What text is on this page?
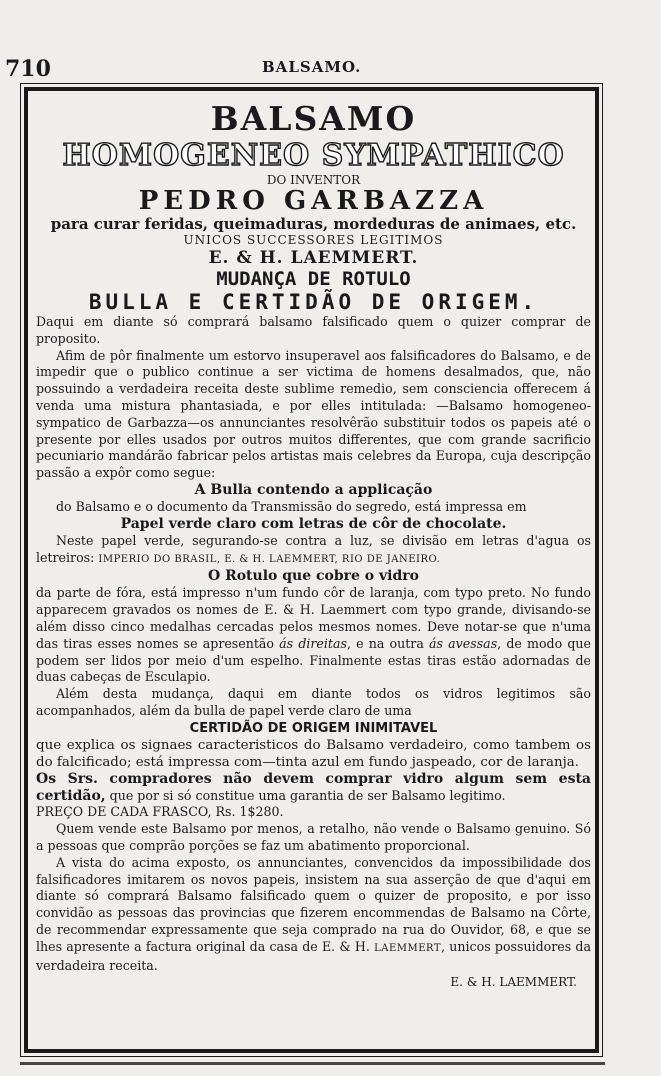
710	BALSAMO.

BALSAMO

HOMOGENEO SYMPATHICO

DO INVENTOR

PEDRO GARBAZZA

para curar feridas, queimaduras, mordeduras de animaes, etc.

UNICOS SUCCESSORES LEGITIMOS

E. & H. LAEMMERT.

MUDANÇA DE ROTULO

BULLA E CERTIDÃO DE ORIGEM.

Daqui em diante só comprará balsamo falsificado quem o quizer comprar de proposito.

Afim de pôr finalmente um estorvo insuperavel aos falsificadores do Balsamo, e de impedir que o publico continue a ser victima de homens desalmados, que, não possuindo a verdadeira receita deste sublime remedio, sem consciencia offerecem á venda uma mistura phantasiada, e por elles intitulada: —Balsamo homogeneo-sympatico de Garbazza—os annunciantes resolvêrão substituir todos os papeis até o presente por elles usados por outros muitos differentes, que com grande sacrificio pecuniario mandárão fabricar pelos artistas mais celebres da Europa, cuja descripção passão a expôr como segue:

A Bulla contendo a applicação

do Balsamo e o documento da Transmissão do segredo, está impressa em

Papel verde claro com letras de côr de chocolate.

Neste papel verde, segurando-se contra a luz, se divisão em letras d'agua os letreiros: IMPERIO DO BRASIL, E. & H. LAEMMERT, RIO DE JANEIRO.

O Rotulo que cobre o vidro

da parte de fóra, está impresso n'um fundo côr de laranja, com typo preto. No fundo apparecem gravados os nomes de E. & H. Laemmert com typo grande, divisando-se além disso cinco medalhas cercadas pelos mesmos nomes. Deve notar-se que n'uma das tiras esses nomes se apresentão ás direitas, e na outra ás avessas, de modo que podem ser lidos por meio d'um espelho. Finalmente estas tiras estão adornadas de duas cabeças de Esculapio.

Além desta mudança, daqui em diante todos os vidros legitimos são acompanhados, além da bulla de papel verde claro de uma

CERTIDÃO DE ORIGEM INIMITAVEL

que explica os signaes caracteristicos do Balsamo verdadeiro, como tambem os do falcificado; está impressa com—tinta azul em fundo jaspeado, cor de laranja.

Os Srs. compradores não devem comprar vidro algum sem esta certidão, que por si só constitue uma garantia de ser Balsamo legitimo.

PREÇO DE CADA FRASCO, Rs. 1$280.

Quem vende este Balsamo por menos, a retalho, não vende o Balsamo genuino. Só a pessoas que comprão porções se faz um abatimento proporcional.

A vista do acima exposto, os annunciantes, convencidos da impossibilidade dos falsificadores imitarem os novos papeis, insistem na sua asserção de que d'aqui em diante só comprará Balsamo falsificado quem o quizer de proposito, e por isso convidão as pessoas das provincias que fizerem encommendas de Balsamo na Côrte, de recommendar expressamente que seja comprado na rua do Ouvidor, 68, e que se lhes apresente a factura original da casa de E. & H. LAEMMERT, unicos possuidores da verdadeira receita.

E. & H. LAEMMERT.
